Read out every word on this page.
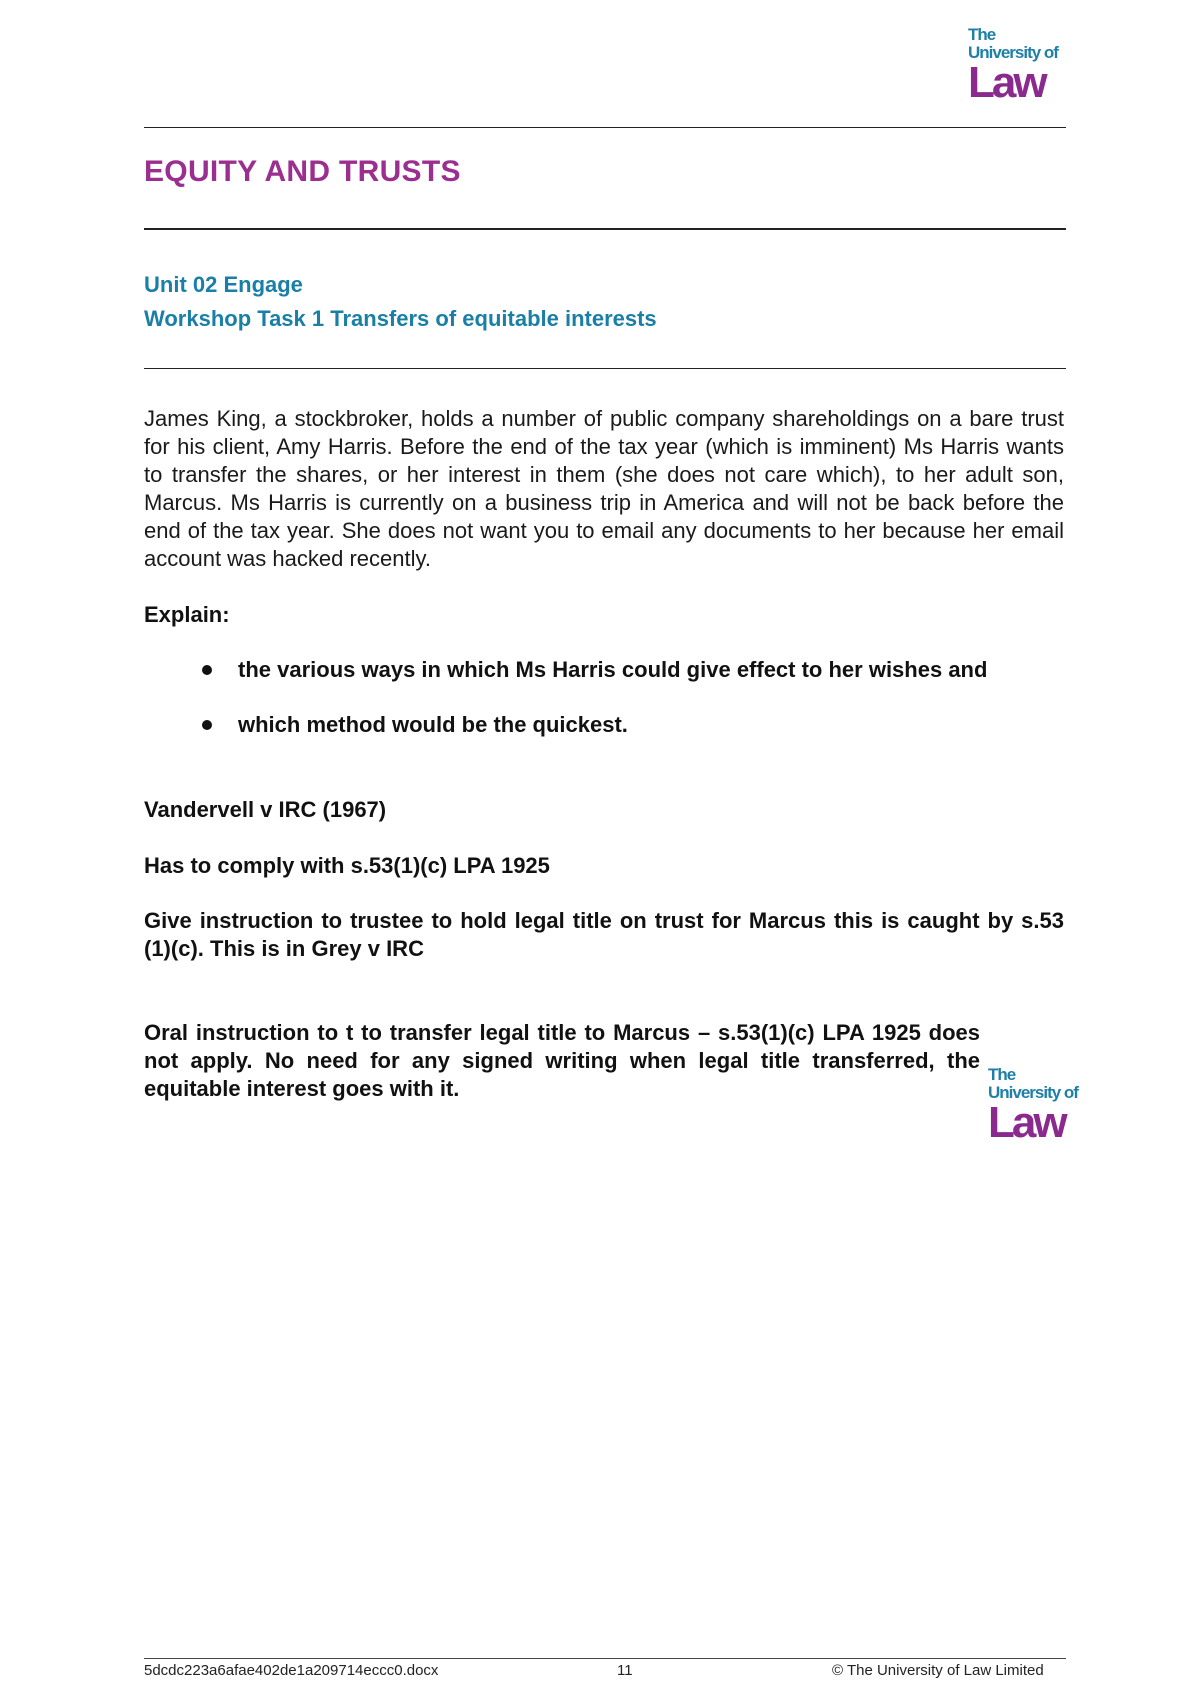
The
University of
Law
EQUITY AND TRUSTS

Unit 02 Engage

Workshop Task 1 Transfers of equitable interests

James King, a stockbroker, holds a number of public company shareholdings on a bare trust for his client, Amy Harris. Before the end of the tax year (which is imminent) Ms Harris wants to transfer the shares, or her interest in them (she does not care which), to her adult son, Marcus. Ms Harris is currently on a business trip in America and will not be back before the end of the tax year. She does not want you to email any documents to her because her email account was hacked recently.

Explain:

the various ways in which Ms Harris could give effect to her wishes and
which method would be the quickest.

Vandervell v IRC (1967)

Has to comply with s.53(1)(c) LPA 1925

Give instruction to trustee to hold legal title on trust for Marcus this is caught by s.53 (1)(c). This is in Grey v IRC

Oral instruction to t to transfer legal title to Marcus – s.53(1)(c) LPA 1925 does not apply. No need for any signed writing when legal title transferred, the equitable interest goes with it.

The
University of
Law
5dcdc223a6afae402de1a209714eccc0.docx	11	© The University of Law Limited
